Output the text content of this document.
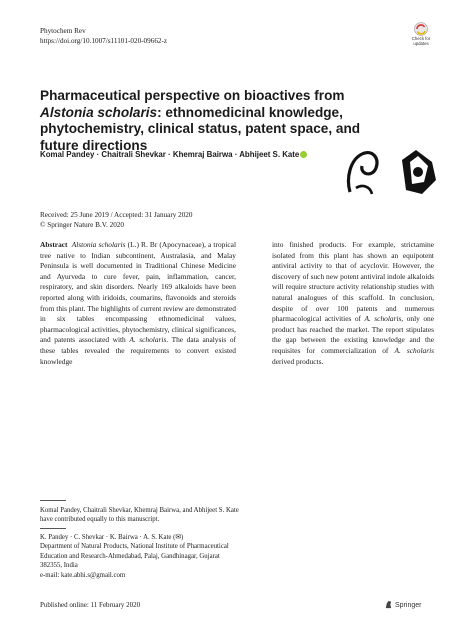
Phytochem Rev
https://doi.org/10.1007/s11101-020-09662-z	Check for
updates
Pharmaceutical perspective on bioactives from Alstonia scholaris: ethnomedicinal knowledge, phytochemistry, clinical status, patent space, and future directions
Komal Pandey · Chaitrali Shevkar · Khemraj Bairwa · Abhijeet S. Kate
Received: 25 June 2019 / Accepted: 31 January 2020
© Springer Nature B.V. 2020
Abstract Alstonia scholaris (L.) R. Br (Apocynaceae), a tropical tree native to Indian subcontinent, Australasia, and Malay Peninsula is well documented in Traditional Chinese Medicine and Ayurveda to cure fever, pain, inflammation, cancer, respiratory, and skin disorders. Nearly 169 alkaloids have been reported along with iridoids, coumarins, flavonoids and steroids from this plant. The highlights of current review are demonstrated in six tables encompassing ethnomedicinal values, pharmacological activities, phytochemistry, clinical significances, and patents associated with A. scholaris. The data analysis of these tables revealed the requirements to convert existed knowledge
into finished products. For example, strictamine isolated from this plant has shown an equipotent antiviral activity to that of acyclovir. However, the discovery of such new potent antiviral indole alkaloids will require structure activity relationship studies with natural analogues of this scaffold. In conclusion, despite of over 100 patents and numerous pharmacological activities of A. scholaris, only one product has reached the market. The report stipulates the gap between the existing knowledge and the requisites for commercialization of A. scholaris derived products.
Komal Pandey, Chaitrali Shevkar, Khemraj Bairwa, and Abhijeet S. Kate have contributed equally to this manuscript.
K. Pandey · C. Shevkar · K. Bairwa · A. S. Kate (✉)
Department of Natural Products, National Institute of Pharmaceutical Education and Research-Ahmedabad, Palaj, Gandhinagar, Gujarat 382355, India
e-mail: kate.abhi.s@gmail.com
Published online: 11 February 2020	Springer
